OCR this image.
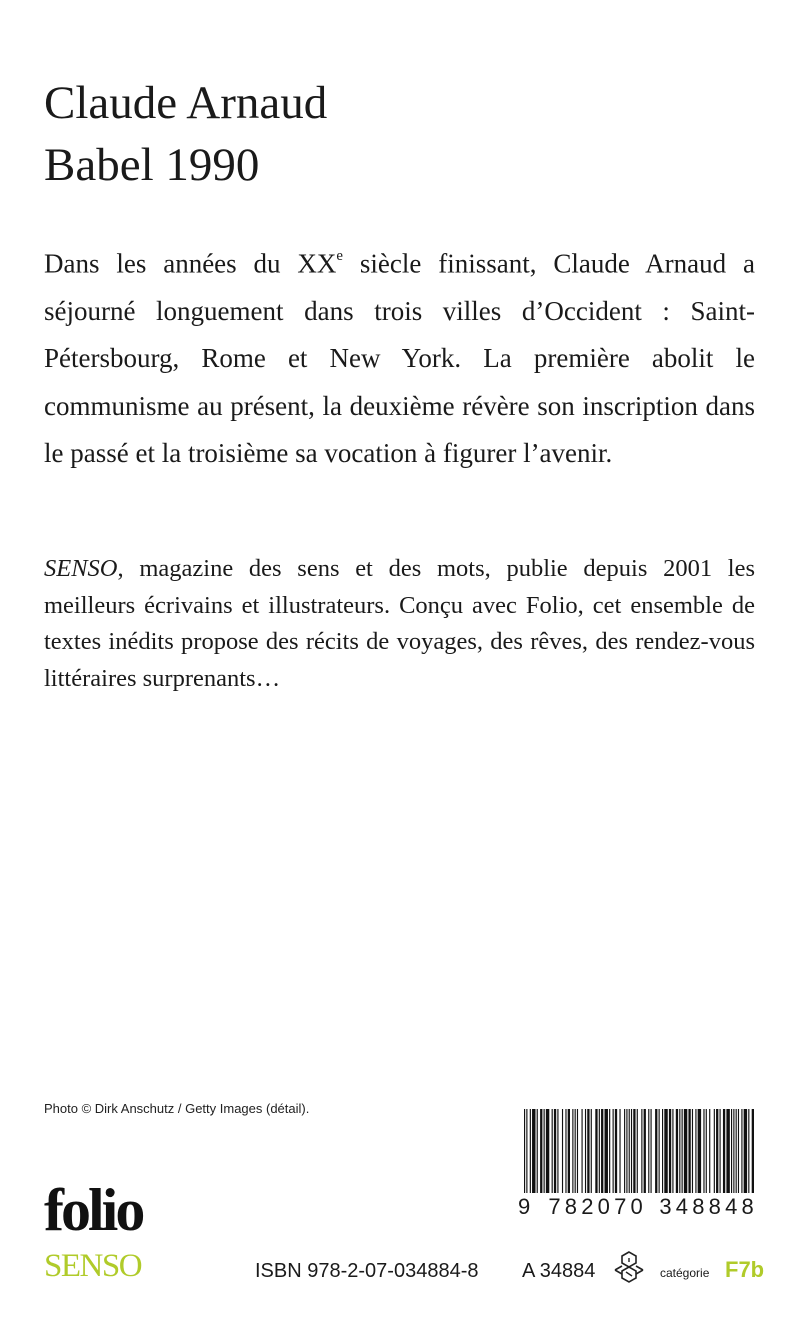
Claude Arnaud
Babel 1990

Dans les années du XXe siècle finissant, Claude Arnaud a séjourné longuement dans trois villes d’Occident : Saint-Pétersbourg, Rome et New York. La première abolit le communisme au présent, la deuxième révère son inscription dans le passé et la troisième sa vocation à figurer l’avenir.

SENSO, magazine des sens et des mots, publie depuis 2001 les meilleurs écrivains et illustrateurs. Conçu avec Folio, cet ensemble de textes inédits propose des récits de voyages, des rêves, des rendez-vous littéraires surprenants…

Photo © Dirk Anschutz / Getty Images (détail).
9 782070 348848
folio
SENSO	ISBN 978-2-07-034884-8 A 34884	catégorie F7b
